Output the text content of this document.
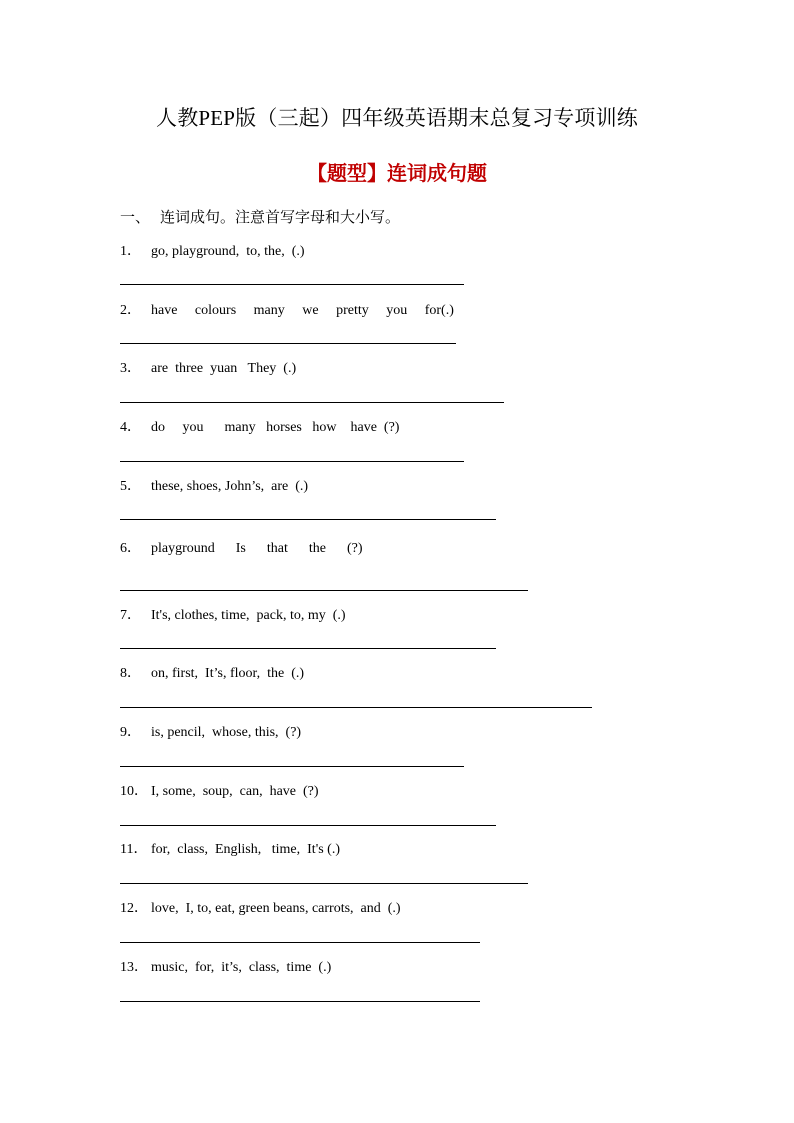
人教PEP版（三起）四年级英语期末总复习专项训练
【题型】连词成句题
一、 连词成句。注意首写字母和大小写。
1． go, playground,  to, the,  (.)
2． have     colours     many     we     pretty     you     for(.)
3． are  three  yuan   They  (.)
4． do     you      many   horses   how    have  (?)
5． these, shoes, John’s,  are  (.)
6． playground      Is      that      the      (?)
7． It's, clothes, time,  pack, to, my  (.)
8． on, first,  It’s, floor,  the  (.)
9． is, pencil,  whose, this,  (?)
10． I, some,  soup,  can,  have  (?)
11． for,  class,  English,   time,  It's (.)
12． love,  I, to, eat, green beans, carrots,  and  (.)
13． music,  for,  it’s,  class,  time  (.)
